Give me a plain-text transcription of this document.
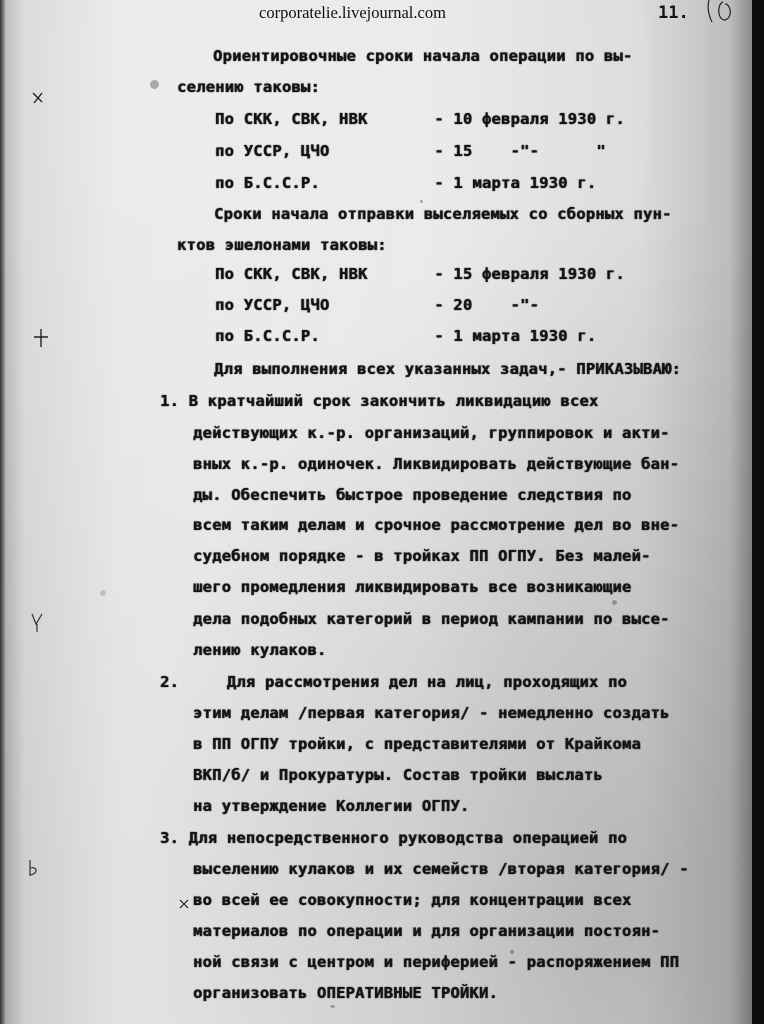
corporatelie.livejournal.com	11.
Ориентировочные сроки начала операции по вы-
селению таковы:
По СКК, СВК, НВК       - 10 февраля 1930 г.
по УССР, ЦЧО           - 15    -"-      "
по Б.С.С.Р.            - 1 марта 1930 г.
Сроки начала отправки выселяемых со сборных пун-
ктов эшелонами таковы:
По СКК, СВК, НВК       - 15 февраля 1930 г.
по УССР, ЦЧО           - 20    -"-
по Б.С.С.Р.            - 1 марта 1930 г.
Для выполнения всех указанных задач,- ПРИКАЗЫВАЮ:
1. В кратчайший срок закончить ликвидацию всех
действующих к.-р. организаций, группировок и акти-
вных к.-р. одиночек. Ликвидировать действующие бан-
ды. Обеспечить быстрое проведение следствия по
всем таким делам и срочное рассмотрение дел во вне-
судебном порядке - в тройках ПП ОГПУ. Без малей-
шего промедления ликвидировать все возникающие
дела подобных категорий в период кампании по высе-
лению кулаков.
2.     Для рассмотрения дел на лиц, проходящих по
этим делам /первая категория/ - немедленно создать
в ПП ОГПУ тройки, с представителями от Крайкома
ВКП/б/ и Прокуратуры. Состав тройки выслать
на утверждение Коллегии ОГПУ.
3. Для непосредственного руководства операцией по
выселению кулаков и их семейств /вторая категория/ -
во всей ее совокупности; для концентрации всех
материалов по операции и для организации постоян-
ной связи с центром и периферией - распоряжением ПП
организовать ОПЕРАТИВНЫЕ ТРОЙКИ.
